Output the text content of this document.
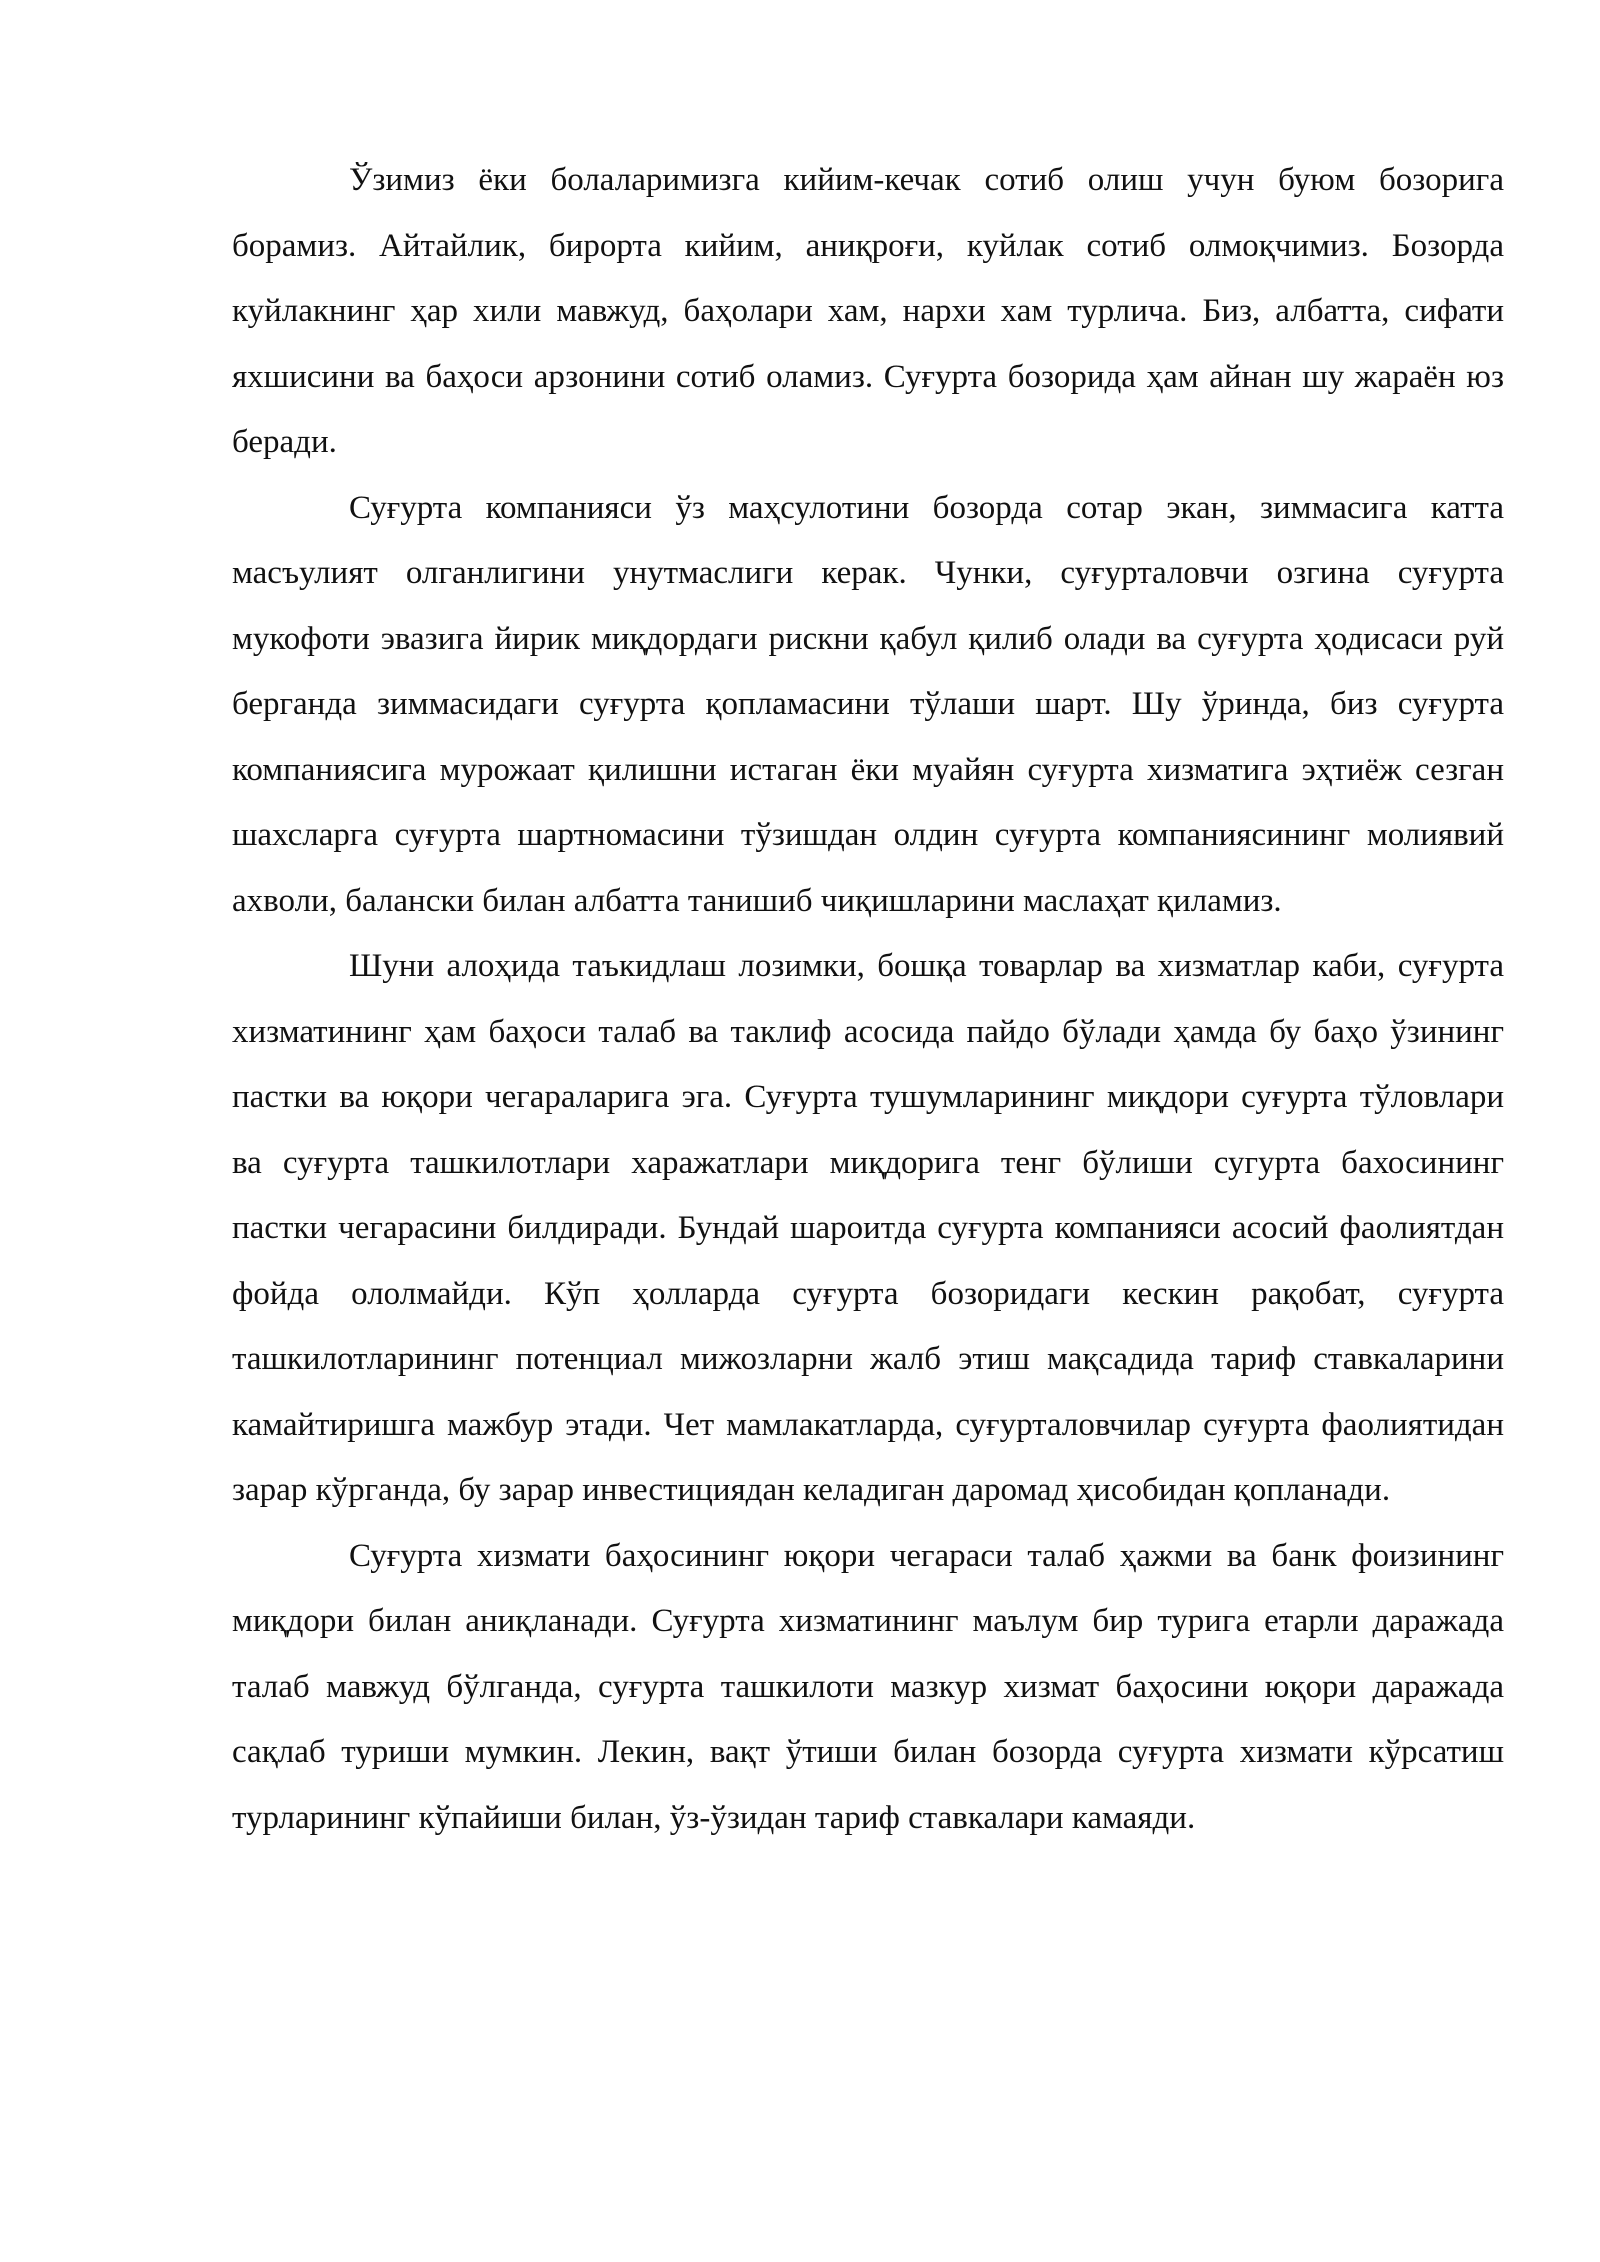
Ўзимиз ёки болаларимизга кийим-кечак сотиб олиш учун буюм бозорига борамиз. Айтайлик, бирорта кийим, аниқроғи, куйлак сотиб олмоқчимиз. Бозорда куйлакнинг ҳар хили мавжуд, баҳолари хам, нархи хам турлича. Биз, албатта, сифати яхшисини ва баҳоси арзонини сотиб оламиз. Суғурта бозорида ҳам айнан шу жараён юз беради.

Суғурта компанияси ўз маҳсулотини бозорда сотар экан, зиммасига катта масъулият олганлигини унутмаслиги керак. Чунки, суғурталовчи озгина суғурта мукофоти эвазига йирик миқдордаги рискни қабул қилиб олади ва суғурта ҳодисаси руй берганда зиммасидаги суғурта қопламасини тўлаши шарт. Шу ўринда, биз суғурта компаниясига мурожаат қилишни истаган ёки муайян суғурта хизматига эҳтиёж сезган шахсларга суғурта шартномасини тўзишдан олдин суғурта компаниясининг молиявий ахволи, балански билан албатта танишиб чиқишларини маслаҳат қиламиз.

Шуни алоҳида таъкидлаш лозимки, бошқа товарлар ва хизматлар каби, суғурта хизматининг ҳам баҳоси талаб ва таклиф асосида пайдо бўлади ҳамда бу баҳо ўзининг пастки ва юқори чегараларига эга. Суғурта тушумларининг миқдори суғурта тўловлари ва суғурта ташкилотлари харажатлари миқдорига тенг бўлиши сугурта бахосининг пастки чегарасини билдиради. Бундай шароитда суғурта компанияси асосий фаолиятдан фойда ололмайди. Кўп ҳолларда суғурта бозоридаги кескин рақобат, суғурта ташкилотларининг потенциал мижозларни жалб этиш мақсадида тариф ставкаларини камайтиришга мажбур этади. Чет мамлакатларда, суғурталовчилар суғурта фаолиятидан зарар кўрганда, бу зарар инвестициядан келадиган даромад ҳисобидан қопланади.

Суғурта хизмати баҳосининг юқори чегараси талаб ҳажми ва банк фоизининг миқдори билан аниқланади. Суғурта хизматининг маълум бир турига етарли даражада талаб мавжуд бўлганда, суғурта ташкилоти мазкур хизмат баҳосини юқори даражада сақлаб туриши мумкин. Лекин, вақт ўтиши билан бозорда суғурта хизмати кўрсатиш турларининг кўпайиши билан, ўз-ўзидан тариф ставкалари камаяди.
